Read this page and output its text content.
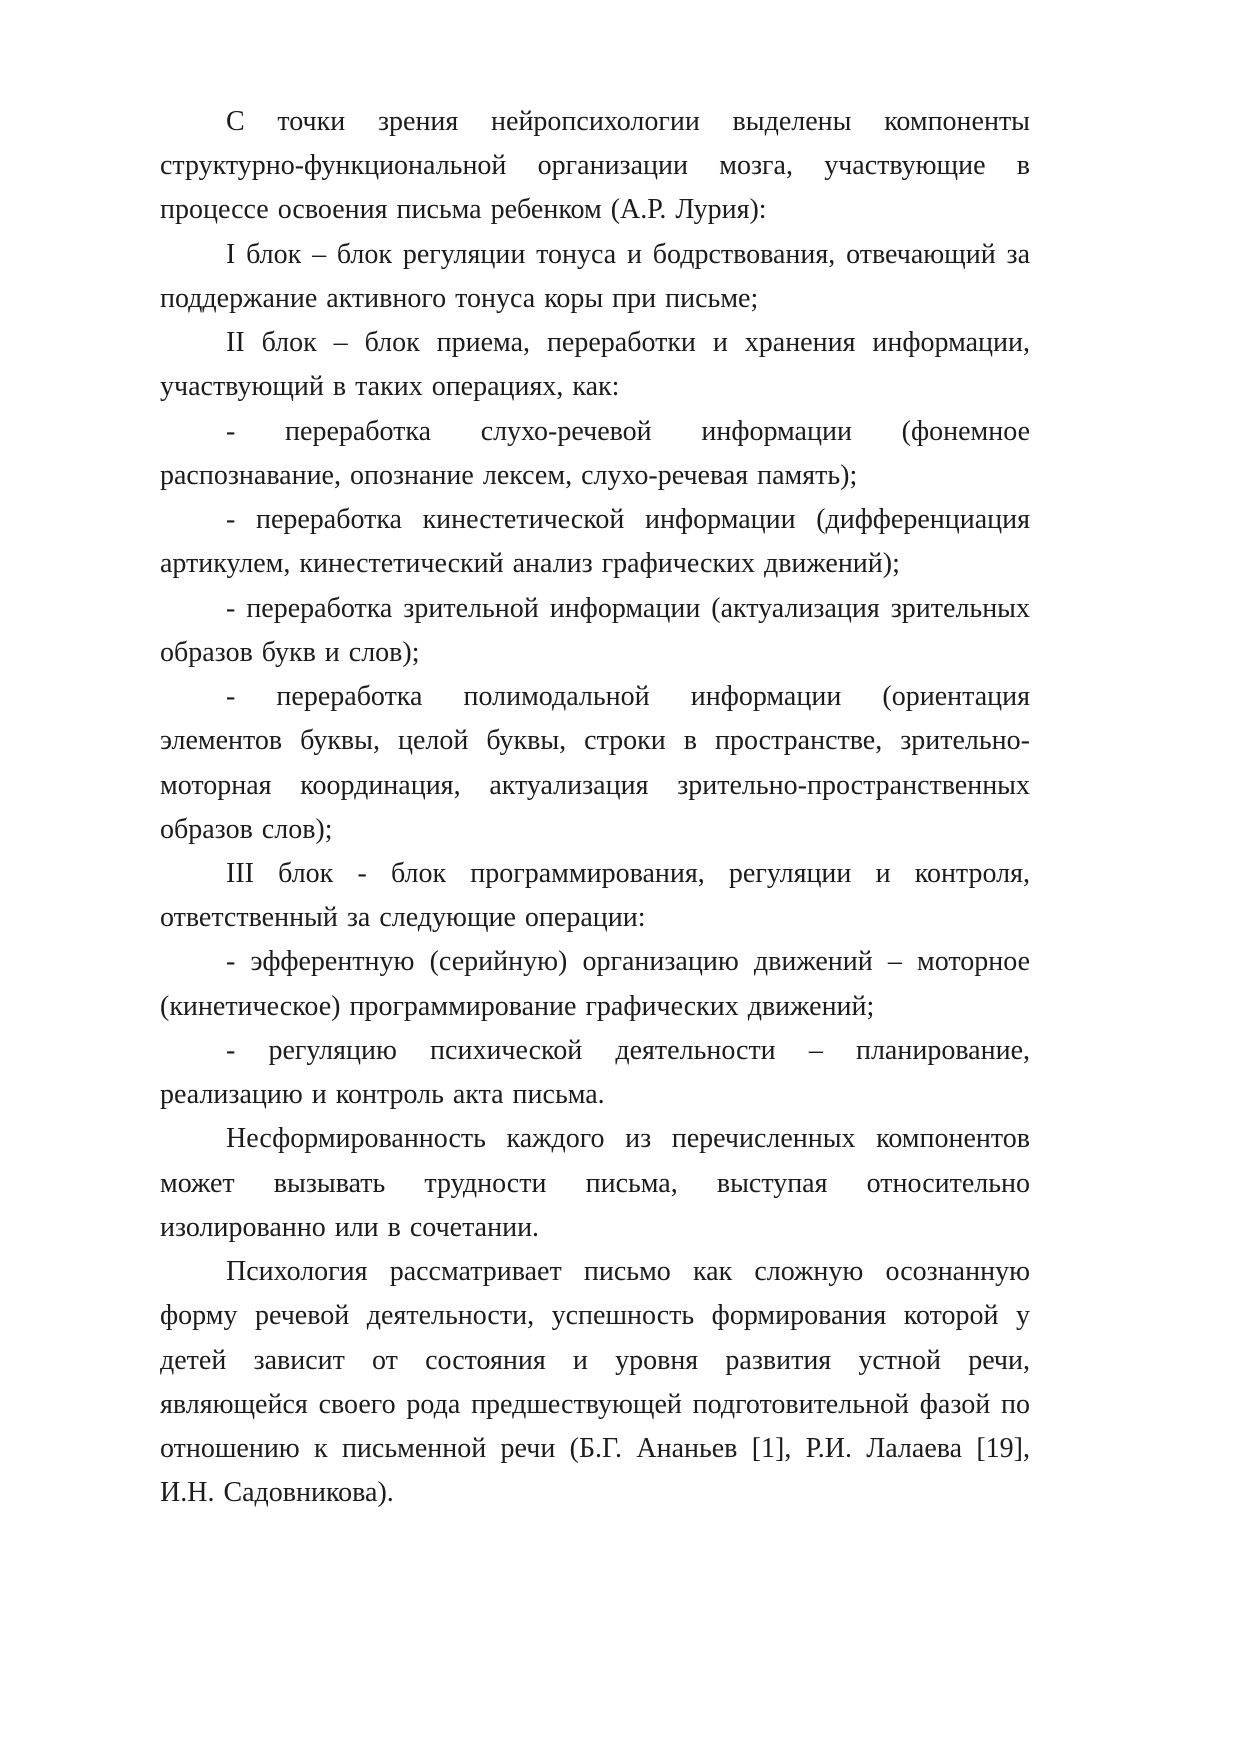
С точки зрения нейропсихологии выделены компоненты структурно-функциональной организации мозга, участвующие в процессе освоения письма ребенком (А.Р. Лурия):

I блок – блок регуляции тонуса и бодрствования, отвечающий за поддержание активного тонуса коры при письме;

II блок – блок приема, переработки и хранения информации, участвующий в таких операциях, как:

- переработка слухо-речевой информации (фонемное распознавание, опознание лексем, слухо-речевая память);

- переработка кинестетической информации (дифференциация артикулем, кинестетический анализ графических движений);

- переработка зрительной информации (актуализация зрительных образов букв и слов);

- переработка полимодальной информации (ориентация элементов буквы, целой буквы, строки в пространстве, зрительно-моторная координация, актуализация зрительно-пространственных образов слов);

III блок - блок программирования, регуляции и контроля, ответственный за следующие операции:

- эфферентную (серийную) организацию движений – моторное (кинетическое) программирование графических движений;

- регуляцию психической деятельности – планирование, реализацию и контроль акта письма.

Несформированность каждого из перечисленных компонентов может вызывать трудности письма, выступая относительно изолированно или в сочетании.

Психология рассматривает письмо как сложную осознанную форму речевой деятельности, успешность формирования которой у детей зависит от состояния и уровня развития устной речи, являющейся своего рода предшествующей подготовительной фазой по отношению к письменной речи (Б.Г. Ананьев [1], Р.И. Лалаева [19], И.Н. Садовникова).
